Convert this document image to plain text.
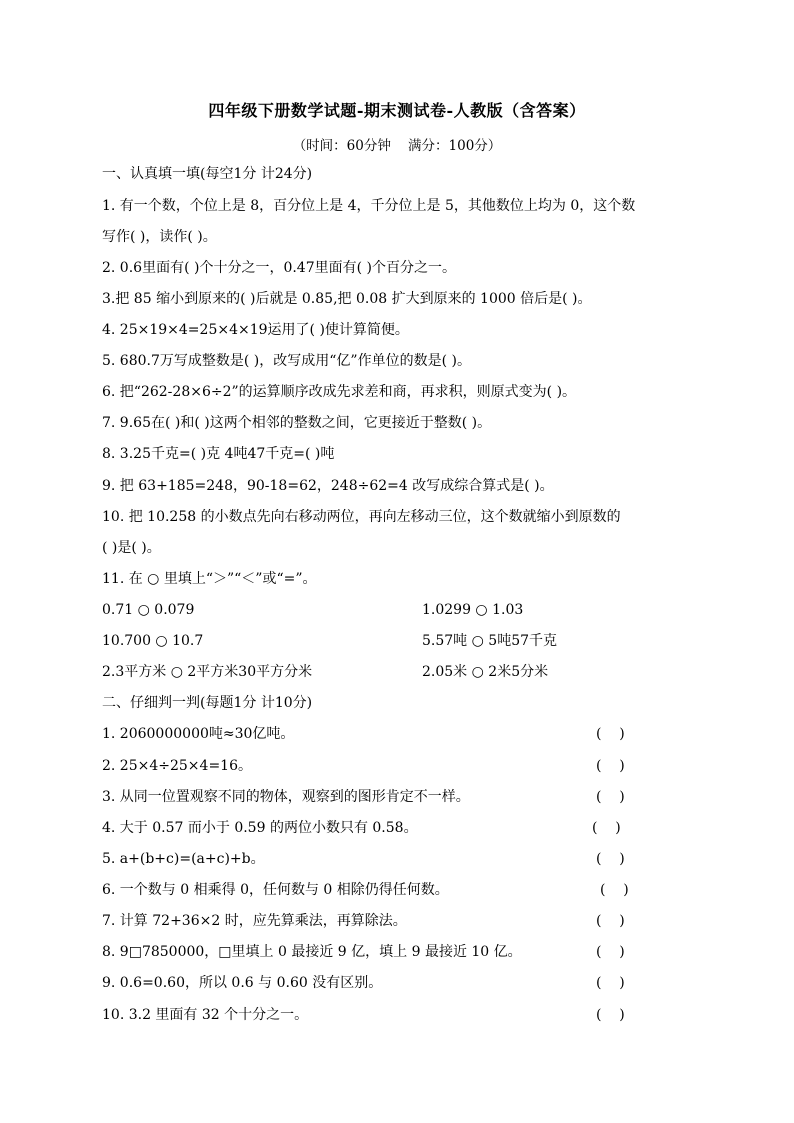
四年级下册数学试题-期末测试卷-人教版（含答案）
（时间：60分钟    满分：100分）
一、认真填一填(每空1分 计24分)
1. 有一个数，个位上是 8，百分位上是 4，千分位上是 5，其他数位上均为 0，这个数
写作( )，读作( )。
2. 0.6里面有( )个十分之一，0.47里面有( )个百分之一。
3.把 85 缩小到原来的( )后就是 0.85,把 0.08 扩大到原来的 1000 倍后是( )。
4. 25×19×4=25×4×19运用了( )使计算简便。
5. 680.7万写成整数是( )，改写成用“亿”作单位的数是( )。
6. 把“262-28×6÷2”的运算顺序改成先求差和商，再求积，则原式变为( )。
7. 9.65在( )和( )这两个相邻的整数之间，它更接近于整数( )。
8. 3.25千克=( )克 4吨47千克=( )吨
9. 把 63+185=248，90-18=62，248÷62=4 改写成综合算式是( )。
10. 把 10.258 的小数点先向右移动两位，再向左移动三位，这个数就缩小到原数的
( )是( )。
11. 在 ○ 里填上“＞”“＜”或“=”。
0.71 ○ 0.079	1.0299 ○ 1.03
10.700 ○ 10.7	5.57吨 ○ 5吨57千克
2.3平方米 ○ 2平方米30平方分米	2.05米 ○ 2米5分米
二、仔细判一判(每题1分 计10分)
1. 2060000000吨≈30亿吨。	(    )
2. 25×4÷25×4=16。	(    )
3. 从同一位置观察不同的物体，观察到的图形肯定不一样。	(    )
4. 大于 0.57 而小于 0.59 的两位小数只有 0.58。	(    )
5. a+(b+c)=(a+c)+b。	(    )
6. 一个数与 0 相乘得 0，任何数与 0 相除仍得任何数。	(    )
7. 计算 72+36×2 时，应先算乘法，再算除法。	(    )
8. 9□7850000，□里填上 0 最接近 9 亿，填上 9 最接近 10 亿。	(    )
9. 0.6=0.60，所以 0.6 与 0.60 没有区别。	(    )
10. 3.2 里面有 32 个十分之一。	(    )
